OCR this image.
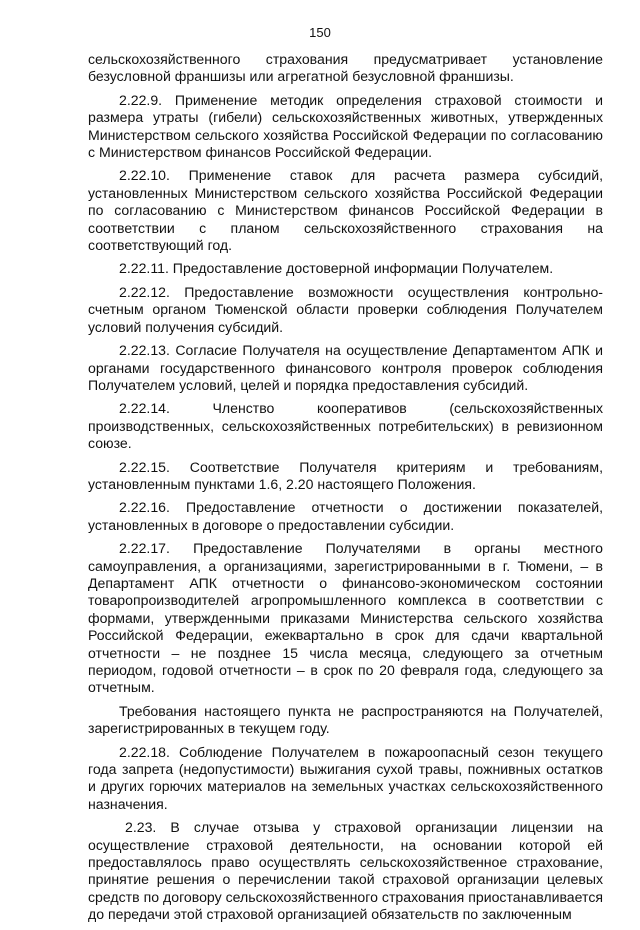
150

сельскохозяйственного страхования предусматривает установление безусловной франшизы или агрегатной безусловной франшизы.

2.22.9. Применение методик определения страховой стоимости и размера утраты (гибели) сельскохозяйственных животных, утвержденных Министерством сельского хозяйства Российской Федерации по согласованию с Министерством финансов Российской Федерации.

2.22.10. Применение ставок для расчета размера субсидий, установленных Министерством сельского хозяйства Российской Федерации по согласованию с Министерством финансов Российской Федерации в соответствии с планом сельскохозяйственного страхования на соответствующий год.

2.22.11. Предоставление достоверной информации Получателем.

2.22.12. Предоставление возможности осуществления контрольно-счетным органом Тюменской области проверки соблюдения Получателем условий получения субсидий.

2.22.13. Согласие Получателя на осуществление Департаментом АПК и органами государственного финансового контроля проверок соблюдения Получателем условий, целей и порядка предоставления субсидий.

2.22.14. Членство кооперативов (сельскохозяйственных производственных, сельскохозяйственных потребительских) в ревизионном союзе.

2.22.15. Соответствие Получателя критериям и требованиям, установленным пунктами 1.6, 2.20 настоящего Положения.

2.22.16. Предоставление отчетности о достижении показателей, установленных в договоре о предоставлении субсидии.

2.22.17. Предоставление Получателями в органы местного самоуправления, а организациями, зарегистрированными в г. Тюмени, – в Департамент АПК отчетности о финансово-экономическом состоянии товаропроизводителей агропромышленного комплекса в соответствии с формами, утвержденными приказами Министерства сельского хозяйства Российской Федерации, ежеквартально в срок для сдачи квартальной отчетности – не позднее 15 числа месяца, следующего за отчетным периодом, годовой отчетности – в срок по 20 февраля года, следующего за отчетным.

Требования настоящего пункта не распространяются на Получателей, зарегистрированных в текущем году.

2.22.18. Соблюдение Получателем в пожароопасный сезон текущего года запрета (недопустимости) выжигания сухой травы, пожнивных остатков и других горючих материалов на земельных участках сельскохозяйственного назначения.

2.23. В случае отзыва у страховой организации лицензии на осуществление страховой деятельности, на основании которой ей предоставлялось право осуществлять сельскохозяйственное страхование, принятие решения о перечислении такой страховой организации целевых средств по договору сельскохозяйственного страхования приостанавливается до передачи этой страховой организацией обязательств по заключенным
